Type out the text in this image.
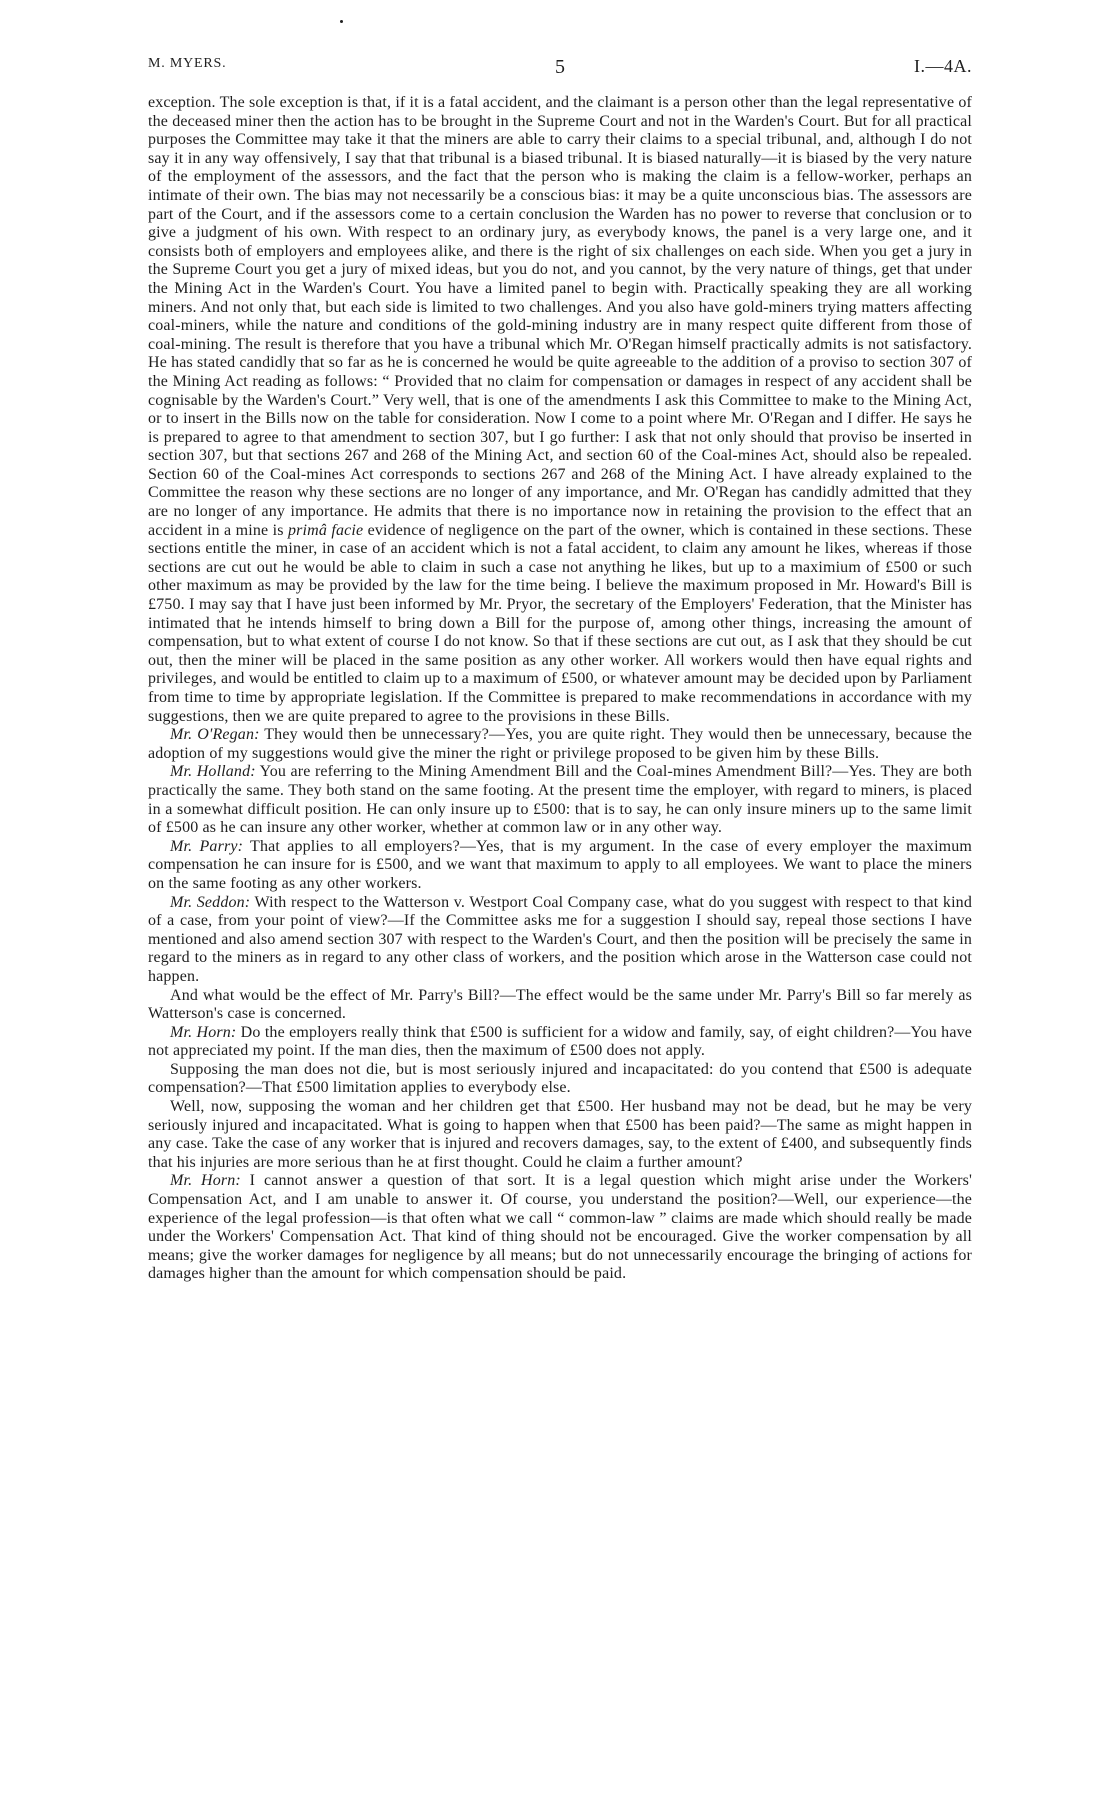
M. MYERS.	5	I.—4A.

exception. The sole exception is that, if it is a fatal accident, and the claimant is a person other than the legal representative of the deceased miner then the action has to be brought in the Supreme Court and not in the Warden's Court. But for all practical purposes the Committee may take it that the miners are able to carry their claims to a special tribunal, and, although I do not say it in any way offensively, I say that that tribunal is a biased tribunal. It is biased naturally—it is biased by the very nature of the employment of the assessors, and the fact that the person who is making the claim is a fellow-worker, perhaps an intimate of their own. The bias may not necessarily be a conscious bias: it may be a quite unconscious bias. The assessors are part of the Court, and if the assessors come to a certain conclusion the Warden has no power to reverse that conclusion or to give a judgment of his own. With respect to an ordinary jury, as everybody knows, the panel is a very large one, and it consists both of employers and employees alike, and there is the right of six challenges on each side. When you get a jury in the Supreme Court you get a jury of mixed ideas, but you do not, and you cannot, by the very nature of things, get that under the Mining Act in the Warden's Court. You have a limited panel to begin with. Practically speaking they are all working miners. And not only that, but each side is limited to two challenges. And you also have gold-miners trying matters affecting coal-miners, while the nature and conditions of the gold-mining industry are in many respect quite different from those of coal-mining. The result is therefore that you have a tribunal which Mr. O'Regan himself practically admits is not satisfactory. He has stated candidly that so far as he is concerned he would be quite agreeable to the addition of a proviso to section 307 of the Mining Act reading as follows: “ Provided that no claim for compensation or damages in respect of any accident shall be cognisable by the Warden's Court.” Very well, that is one of the amendments I ask this Committee to make to the Mining Act, or to insert in the Bills now on the table for consideration. Now I come to a point where Mr. O'Regan and I differ. He says he is prepared to agree to that amendment to section 307, but I go further: I ask that not only should that proviso be inserted in section 307, but that sections 267 and 268 of the Mining Act, and section 60 of the Coal-mines Act, should also be repealed. Section 60 of the Coal-mines Act corresponds to sections 267 and 268 of the Mining Act. I have already explained to the Committee the reason why these sections are no longer of any importance, and Mr. O'Regan has candidly admitted that they are no longer of any importance. He admits that there is no importance now in retaining the provision to the effect that an accident in a mine is primâ facie evidence of negligence on the part of the owner, which is contained in these sections. These sections entitle the miner, in case of an accident which is not a fatal accident, to claim any amount he likes, whereas if those sections are cut out he would be able to claim in such a case not anything he likes, but up to a maximium of £500 or such other maximum as may be provided by the law for the time being. I believe the maximum proposed in Mr. Howard's Bill is £750. I may say that I have just been informed by Mr. Pryor, the secretary of the Employers' Federation, that the Minister has intimated that he intends himself to bring down a Bill for the purpose of, among other things, increasing the amount of compensation, but to what extent of course I do not know. So that if these sections are cut out, as I ask that they should be cut out, then the miner will be placed in the same position as any other worker. All workers would then have equal rights and privileges, and would be entitled to claim up to a maximum of £500, or whatever amount may be decided upon by Parliament from time to time by appropriate legislation. If the Committee is prepared to make recommendations in accordance with my suggestions, then we are quite prepared to agree to the provisions in these Bills.

Mr. O'Regan: They would then be unnecessary?—Yes, you are quite right. They would then be unnecessary, because the adoption of my suggestions would give the miner the right or privilege proposed to be given him by these Bills.

Mr. Holland: You are referring to the Mining Amendment Bill and the Coal-mines Amendment Bill?—Yes. They are both practically the same. They both stand on the same footing. At the present time the employer, with regard to miners, is placed in a somewhat difficult position. He can only insure up to £500: that is to say, he can only insure miners up to the same limit of £500 as he can insure any other worker, whether at common law or in any other way.

Mr. Parry: That applies to all employers?—Yes, that is my argument. In the case of every employer the maximum compensation he can insure for is £500, and we want that maximum to apply to all employees. We want to place the miners on the same footing as any other workers.

Mr. Seddon: With respect to the Watterson v. Westport Coal Company case, what do you suggest with respect to that kind of a case, from your point of view?—If the Committee asks me for a suggestion I should say, repeal those sections I have mentioned and also amend section 307 with respect to the Warden's Court, and then the position will be precisely the same in regard to the miners as in regard to any other class of workers, and the position which arose in the Watterson case could not happen.

And what would be the effect of Mr. Parry's Bill?—The effect would be the same under Mr. Parry's Bill so far merely as Watterson's case is concerned.

Mr. Horn: Do the employers really think that £500 is sufficient for a widow and family, say, of eight children?—You have not appreciated my point. If the man dies, then the maximum of £500 does not apply.

Supposing the man does not die, but is most seriously injured and incapacitated: do you contend that £500 is adequate compensation?—That £500 limitation applies to everybody else.

Well, now, supposing the woman and her children get that £500. Her husband may not be dead, but he may be very seriously injured and incapacitated. What is going to happen when that £500 has been paid?—The same as might happen in any case. Take the case of any worker that is injured and recovers damages, say, to the extent of £400, and subsequently finds that his injuries are more serious than he at first thought. Could he claim a further amount?

Mr. Horn: I cannot answer a question of that sort. It is a legal question which might arise under the Workers' Compensation Act, and I am unable to answer it. Of course, you understand the position?—Well, our experience—the experience of the legal profession—is that often what we call “ common-law ” claims are made which should really be made under the Workers' Compensation Act. That kind of thing should not be encouraged. Give the worker compensation by all means; give the worker damages for negligence by all means; but do not unnecessarily encourage the bringing of actions for damages higher than the amount for which compensation should be paid.
